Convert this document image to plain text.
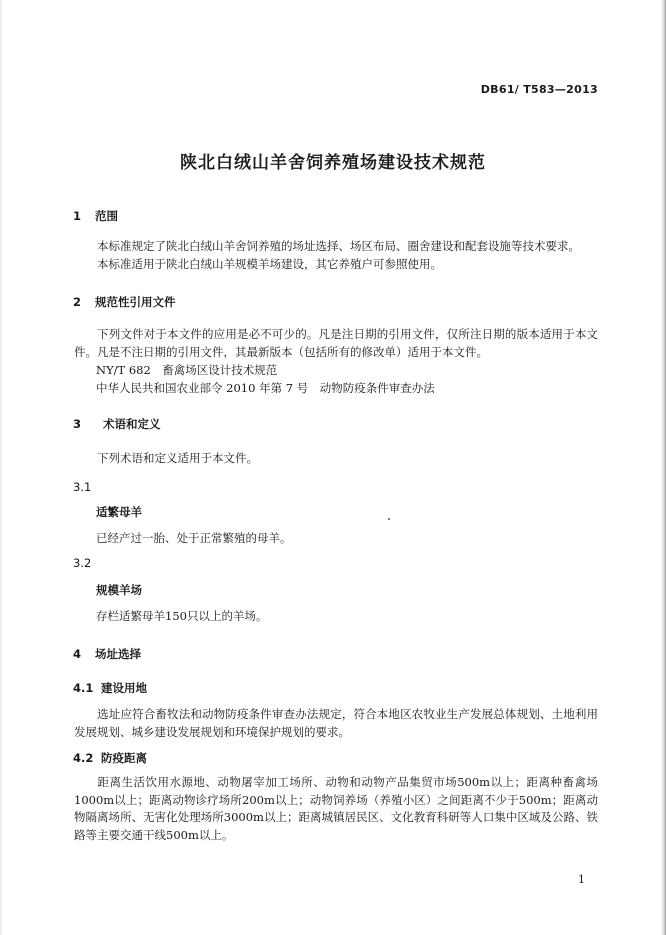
DB61/ T583—2013
陕北白绒山羊舍饲养殖场建设技术规范
1 范围
本标准规定了陕北白绒山羊舍饲养殖的场址选择、场区布局、圈舍建设和配套设施等技术要求。
本标准适用于陕北白绒山羊规模羊场建设，其它养殖户可参照使用。
2 规范性引用文件
下列文件对于本文件的应用是必不可少的。凡是注日期的引用文件，仅所注日期的版本适用于本文件。凡是不注日期的引用文件，其最新版本（包括所有的修改单）适用于本文件。
NY/T 682　畜禽场区设计技术规范
中华人民共和国农业部令 2010 年第 7 号　动物防疫条件审查办法
3 术语和定义
下列术语和定义适用于本文件。
3.1
适繁母羊
已经产过一胎、处于正常繁殖的母羊。
3.2
规模羊场
存栏适繁母羊150只以上的羊场。
4 场址选择
4.1 建设用地
选址应符合畜牧法和动物防疫条件审查办法规定，符合本地区农牧业生产发展总体规划、土地利用发展规划、城乡建设发展规划和环境保护规划的要求。
4.2 防疫距离
距离生活饮用水源地、动物屠宰加工场所、动物和动物产品集贸市场500m以上；距离种畜禽场1000m以上；距离动物诊疗场所200m以上；动物饲养场（养殖小区）之间距离不少于500m；距离动物隔离场所、无害化处理场所3000m以上；距离城镇居民区、文化教育科研等人口集中区域及公路、铁路等主要交通干线500m以上。
1
